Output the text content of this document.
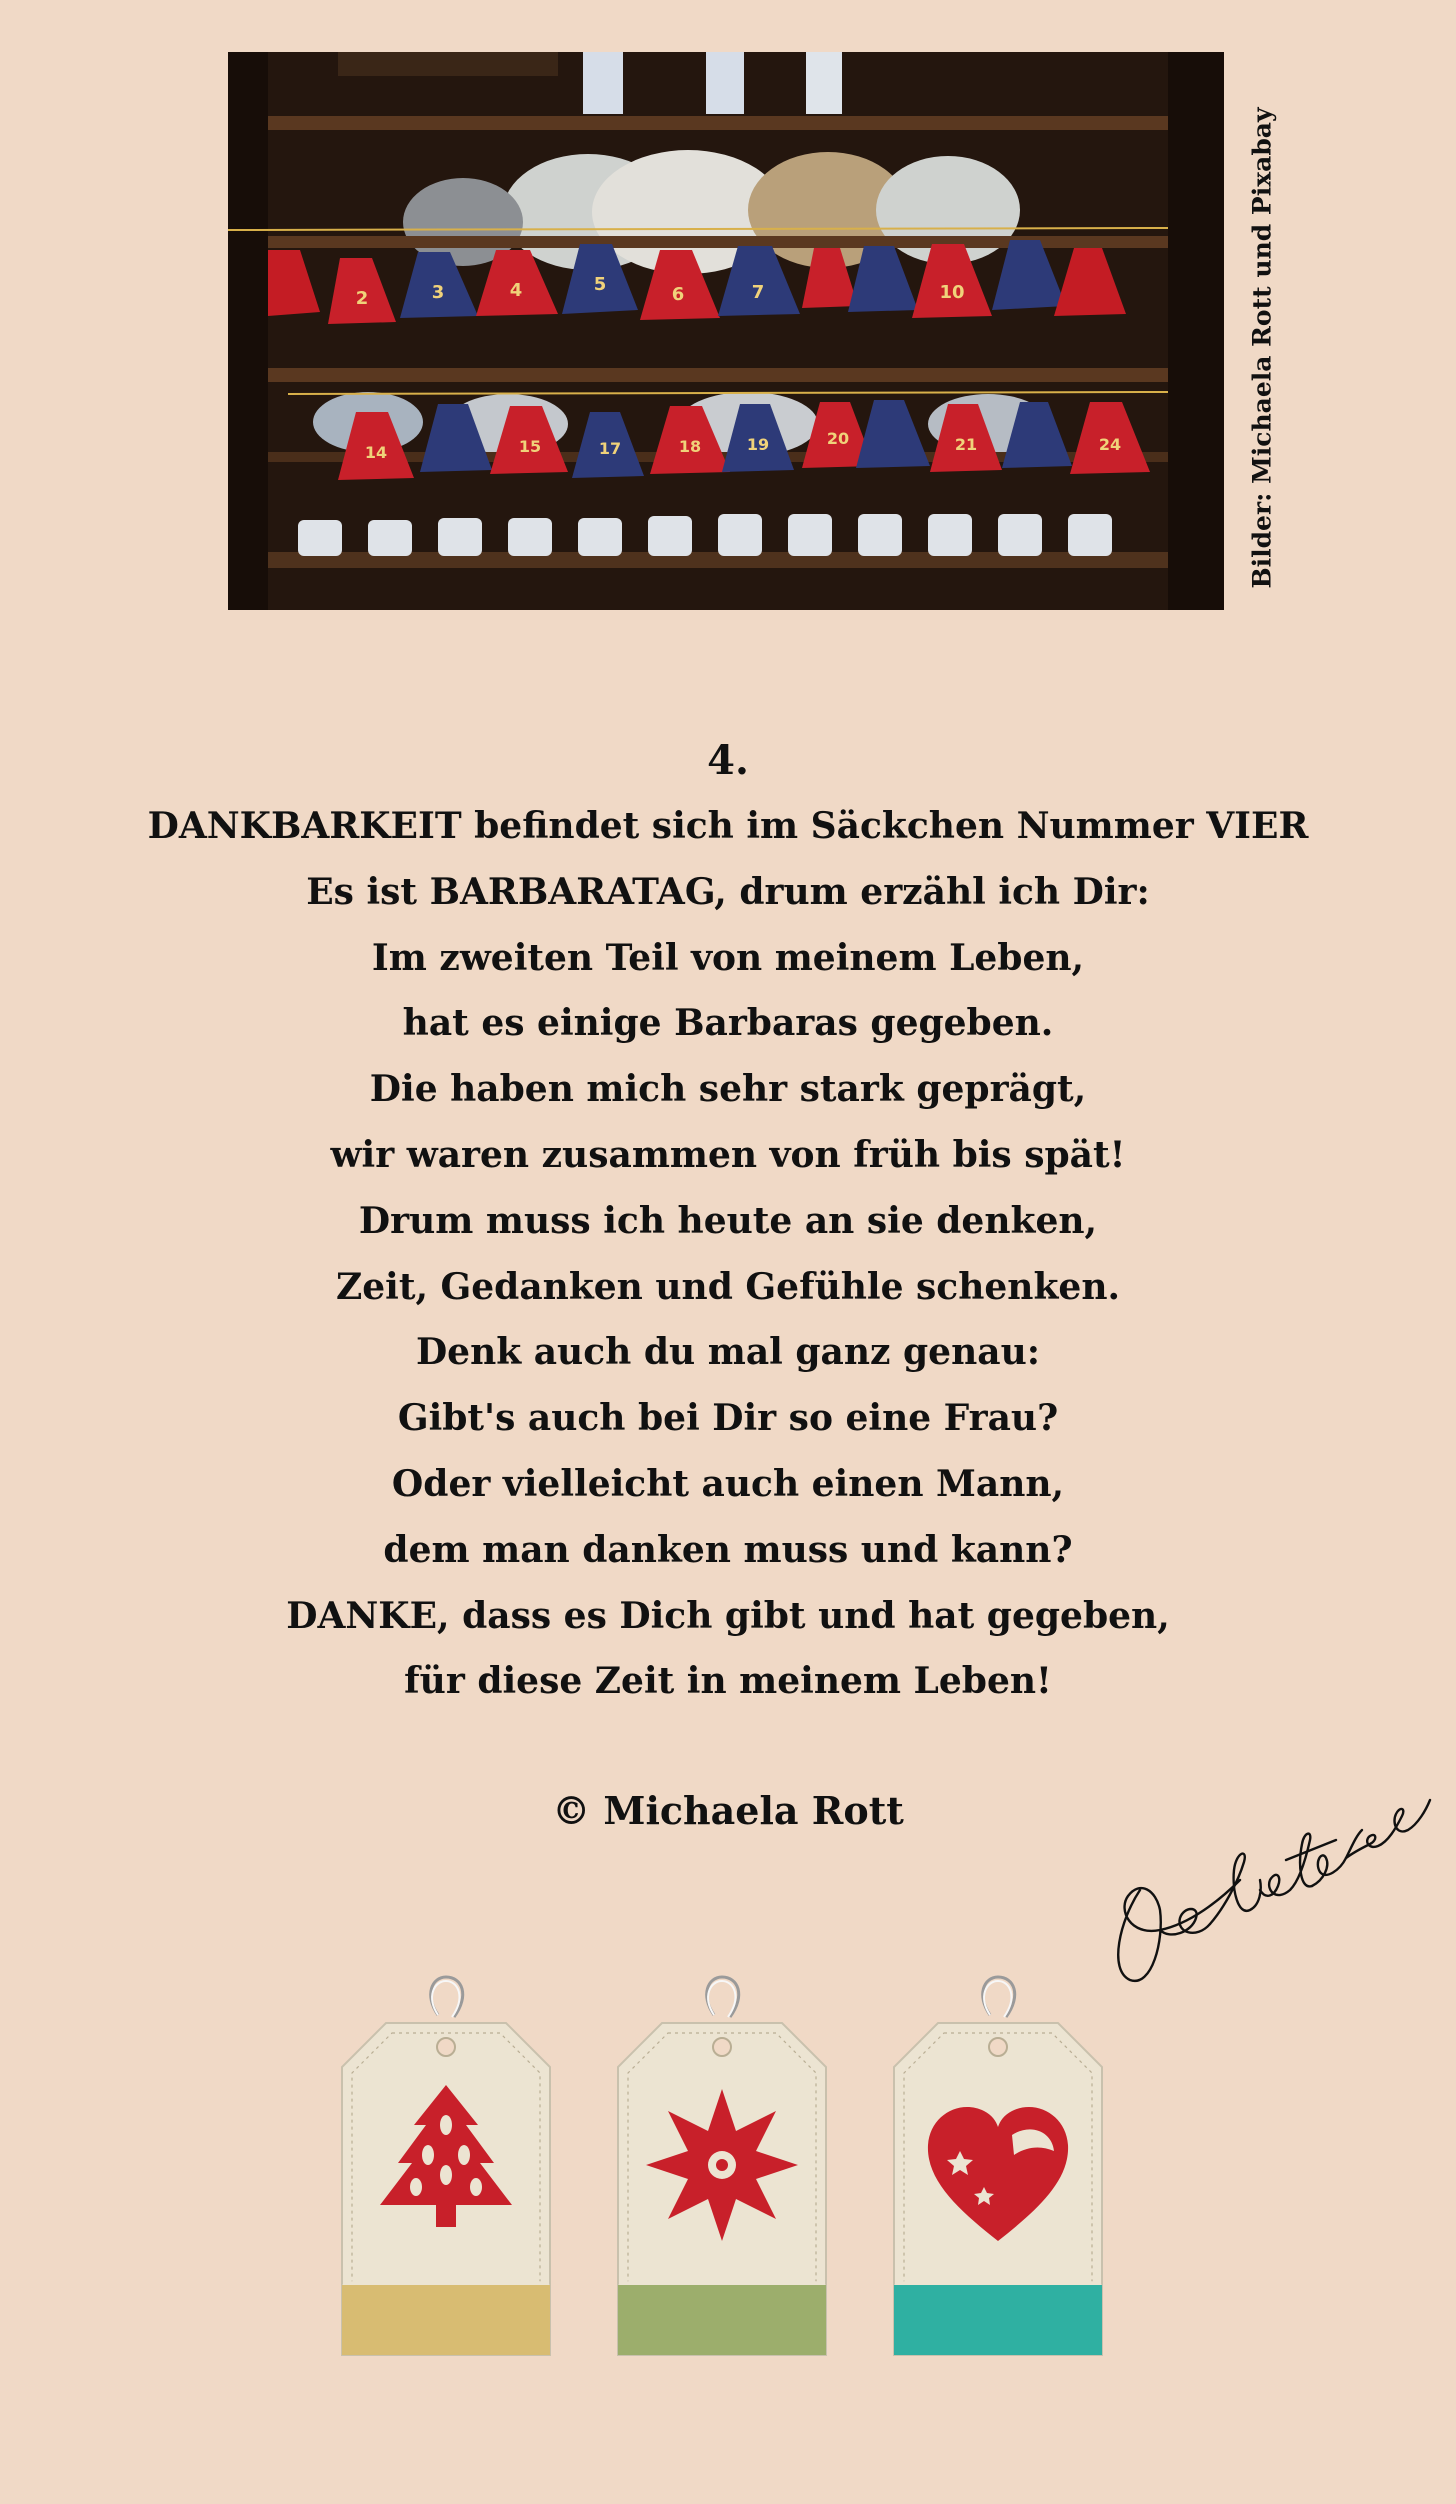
2	3	4	5	6	7	10
14	15	17	18	19	20	21	24	Bilder: Michaela Rott und Pixabay

4.

DANKBARKEIT befindet sich im Säckchen Nummer VIER

Es ist BARBARATAG, drum erzähl ich Dir:

Im zweiten Teil von meinem Leben,

hat es einige Barbaras gegeben.

Die haben mich sehr stark geprägt,

wir waren zusammen von früh bis spät!

Drum muss ich heute an sie denken,

Zeit, Gedanken und Gefühle schenken.

Denk auch du mal ganz genau:

Gibt's auch bei Dir so eine Frau?

Oder vielleicht auch einen Mann,

dem man danken muss und kann?

DANKE, dass es Dich gibt und hat gegeben,

für diese Zeit in meinem Leben!

© Michaela Rott
